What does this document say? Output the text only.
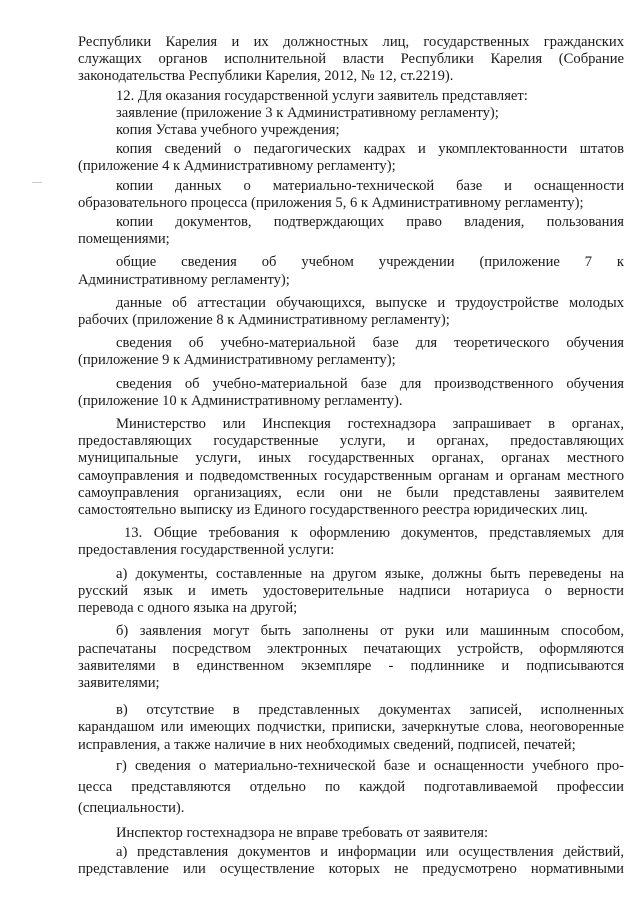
Республики Карелия и их должностных лиц, государственных гражданских

служащих органов исполнительной власти Республики Карелия (Собрание

законодательства Республики Карелия, 2012, № 12, ст.2219).

12. Для оказания государственной услуги заявитель представляет:

заявление (приложение 3 к Административному регламенту);

копия Устава учебного учреждения;

копия сведений о педагогических кадрах и укомплектованности штатов

(приложение 4 к Административному регламенту);

копии данных о материально-технической базе и оснащенности

образовательного процесса (приложения 5, 6 к Административному регламенту);

копии документов, подтверждающих право владения, пользования

помещениями;

общие сведения об учебном учреждении (приложение 7 к

Административному регламенту);

данные об аттестации обучающихся, выпуске и трудоустройстве молодых

рабочих (приложение 8 к Административному регламенту);

сведения об учебно-материальной базе для теоретического обучения

(приложение 9 к Административному регламенту);

сведения об учебно-материальной базе для производственного обучения

(приложение 10 к Административному регламенту).

Министерство или Инспекция гостехнадзора запрашивает в органах,

предоставляющих государственные услуги, и органах, предоставляющих

муниципальные услуги, иных государственных органах, органах местного

самоуправления и подведомственных государственным органам и органам местного

самоуправления организациях, если они не были представлены заявителем

самостоятельно выписку из Единого государственного реестра юридических лиц.

13. Общие требования к оформлению документов, представляемых для

предоставления государственной услуги:

а) документы, составленные на другом языке, должны быть переведены на

русский язык и иметь удостоверительные надписи нотариуса о верности

перевода с одного языка на другой;

б) заявления могут быть заполнены от руки или машинным способом,

распечатаны посредством электронных печатающих устройств, оформляются

заявителями в единственном экземпляре - подлиннике и подписываются

заявителями;

в) отсутствие в представленных документах записей, исполненных

карандашом или имеющих подчистки, приписки, зачеркнутые слова, неоговоренные

исправления, а также наличие в них необходимых сведений, подписей, печатей;

г) сведения о материально-технической базе и оснащенности учебного про-

цесса представляются отдельно по каждой подготавливаемой профессии

(специальности).

Инспектор гостехнадзора не вправе требовать от заявителя:

а) представления документов и информации или осуществления действий,

представление или осуществление которых не предусмотрено нормативными
